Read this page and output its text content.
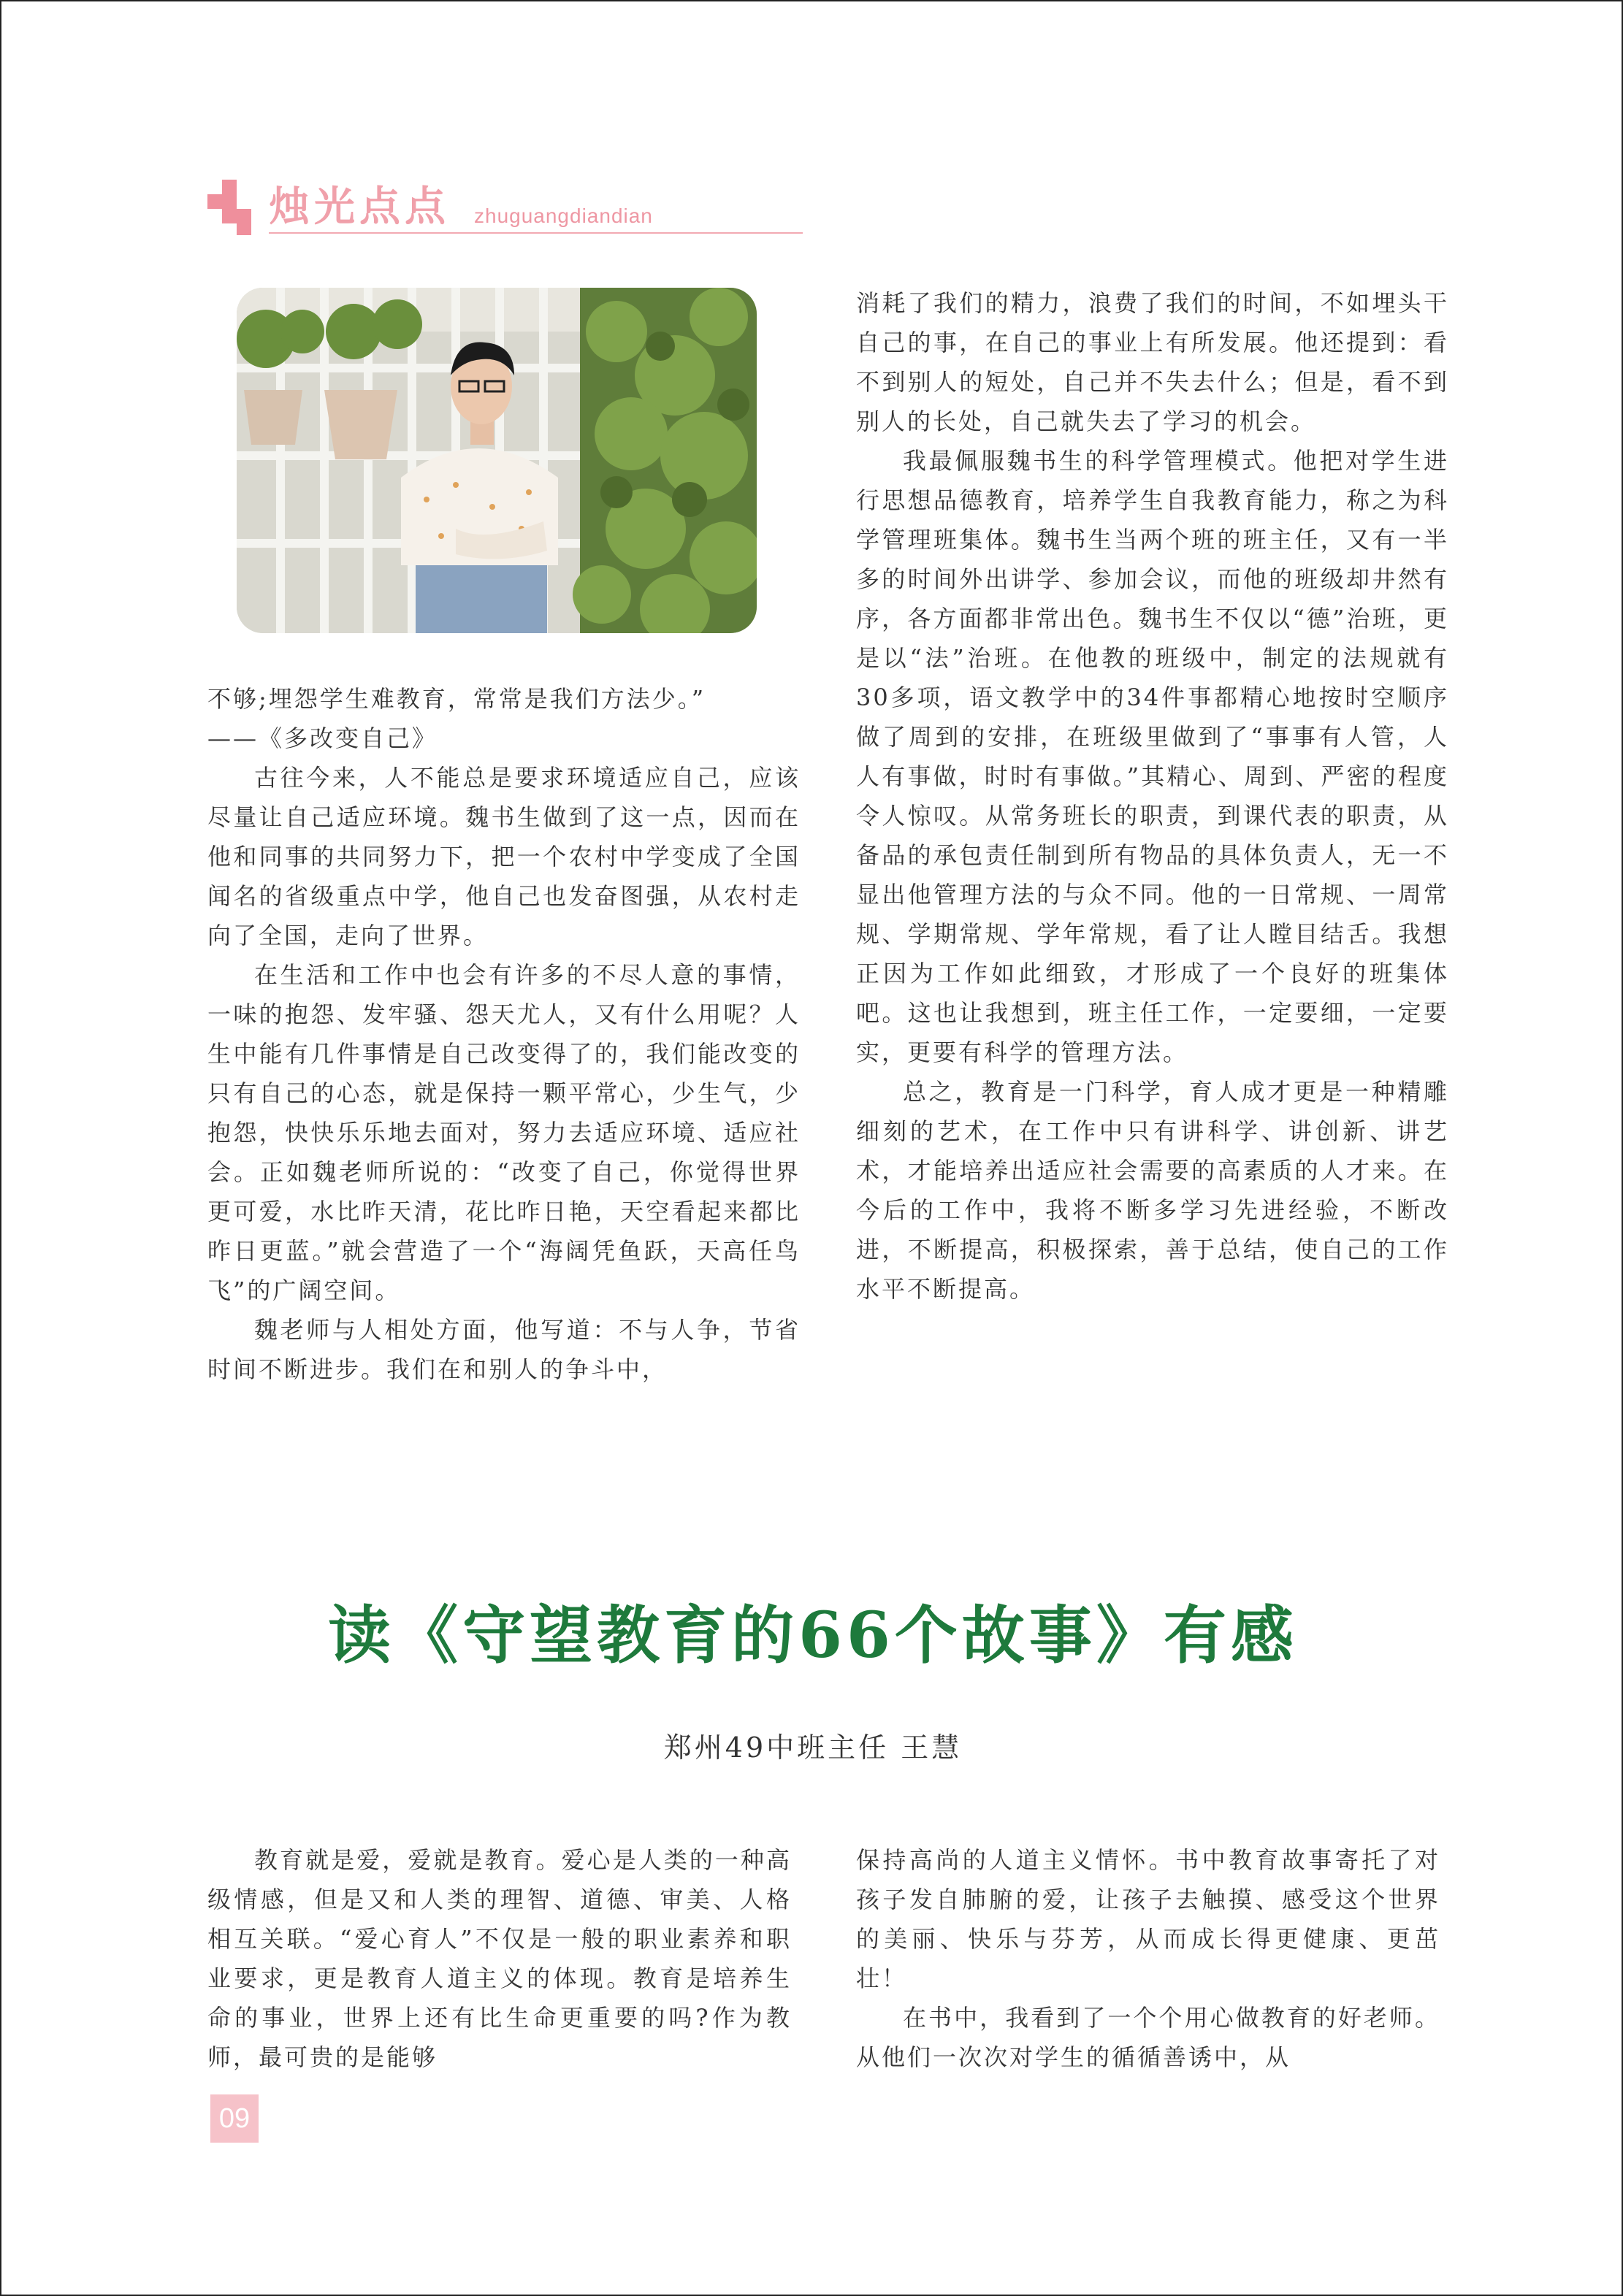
烛光点点 zhuguangdiandian

不够;埋怨学生难教育，常常是我们方法少。”

——《多改变自己》

古往今来，人不能总是要求环境适应自己，应该尽量让自己适应环境。魏书生做到了这一点，因而在他和同事的共同努力下，把一个农村中学变成了全国闻名的省级重点中学，他自己也发奋图强，从农村走向了全国，走向了世界。

在生活和工作中也会有许多的不尽人意的事情，一味的抱怨、发牢骚、怨天尤人，又有什么用呢？人生中能有几件事情是自己改变得了的，我们能改变的只有自己的心态，就是保持一颗平常心，少生气，少抱怨，快快乐乐地去面对，努力去适应环境、适应社会。正如魏老师所说的：“改变了自己，你觉得世界更可爱，水比昨天清，花比昨日艳，天空看起来都比昨日更蓝。”就会营造了一个“海阔凭鱼跃，天高任鸟飞”的广阔空间。

魏老师与人相处方面，他写道：不与人争，节省时间不断进步。我们在和别人的争斗中，

消耗了我们的精力，浪费了我们的时间，不如埋头干自己的事，在自己的事业上有所发展。他还提到：看不到别人的短处，自己并不失去什么；但是，看不到别人的长处，自己就失去了学习的机会。

我最佩服魏书生的科学管理模式。他把对学生进行思想品德教育，培养学生自我教育能力，称之为科学管理班集体。魏书生当两个班的班主任，又有一半多的时间外出讲学、参加会议，而他的班级却井然有序，各方面都非常出色。魏书生不仅以“德”治班，更是以“法”治班。在他教的班级中，制定的法规就有30多项，语文教学中的34件事都精心地按时空顺序做了周到的安排，在班级里做到了“事事有人管，人人有事做，时时有事做。”其精心、周到、严密的程度令人惊叹。从常务班长的职责，到课代表的职责，从备品的承包责任制到所有物品的具体负责人，无一不显出他管理方法的与众不同。他的一日常规、一周常规、学期常规、学年常规，看了让人瞠目结舌。我想正因为工作如此细致，才形成了一个良好的班集体吧。这也让我想到，班主任工作，一定要细，一定要实，更要有科学的管理方法。

总之，教育是一门科学，育人成才更是一种精雕细刻的艺术，在工作中只有讲科学、讲创新、讲艺术，才能培养出适应社会需要的高素质的人才来。在今后的工作中，我将不断多学习先进经验，不断改进，不断提高，积极探索，善于总结，使自己的工作水平不断提高。

读《守望教育的66个故事》有感
郑州49中班主任 王慧

教育就是爱，爱就是教育。爱心是人类的一种高级情感，但是又和人类的理智、道德、审美、人格相互关联。“爱心育人”不仅是一般的职业素养和职业要求，更是教育人道主义的体现。教育是培养生命的事业，世界上还有比生命更重要的吗?作为教师，最可贵的是能够

保持高尚的人道主义情怀。书中教育故事寄托了对孩子发自肺腑的爱，让孩子去触摸、感受这个世界的美丽、快乐与芬芳，从而成长得更健康、更茁壮！

在书中，我看到了一个个用心做教育的好老师。从他们一次次对学生的循循善诱中，从

09
